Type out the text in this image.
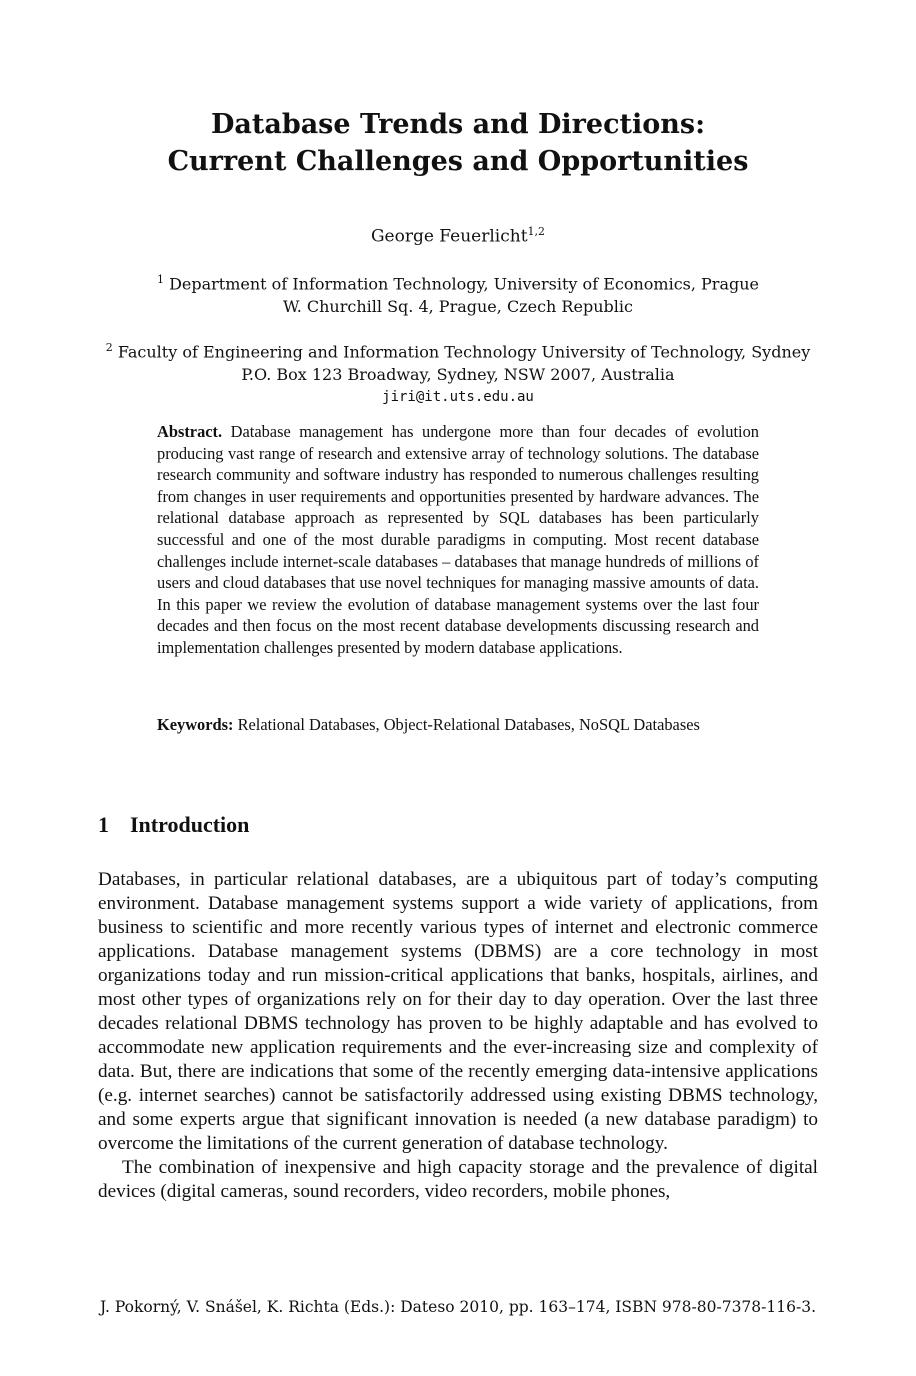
Database Trends and Directions:
Current Challenges and Opportunities
George Feuerlicht$^{1,2}$
$^1$ Department of Information Technology, University of Economics, Prague
W. Churchill Sq. 4, Prague, Czech Republic
$^2$ Faculty of Engineering and Information Technology University of Technology, Sydney
P.O. Box 123 Broadway, Sydney, NSW 2007, Australia
jiri@it.uts.edu.au
Abstract. Database management has undergone more than four decades of evolution producing vast range of research and extensive array of technology solutions. The database research community and software industry has responded to numerous challenges resulting from changes in user requirements and opportunities presented by hardware advances. The relational database approach as represented by SQL databases has been particularly successful and one of the most durable paradigms in computing. Most recent database challenges include internet-scale databases – databases that manage hundreds of millions of users and cloud databases that use novel techniques for managing massive amounts of data. In this paper we review the evolution of database management systems over the last four decades and then focus on the most recent database developments discussing research and implementation challenges presented by modern database applications.
Keywords: Relational Databases, Object-Relational Databases, NoSQL Databases
1 Introduction

Databases, in particular relational databases, are a ubiquitous part of today’s computing environment. Database management systems support a wide variety of applications, from business to scientific and more recently various types of internet and electronic commerce applications. Database management systems (DBMS) are a core technology in most organizations today and run mission-critical applications that banks, hospitals, airlines, and most other types of organizations rely on for their day to day operation. Over the last three decades relational DBMS technology has proven to be highly adaptable and has evolved to accommodate new application requirements and the ever-increasing size and complexity of data. But, there are indications that some of the recently emerging data-intensive applications (e.g. internet searches) cannot be satisfactorily addressed using existing DBMS technology, and some experts argue that significant innovation is needed (a new database paradigm) to overcome the limitations of the current generation of database technology.

The combination of inexpensive and high capacity storage and the prevalence of digital devices (digital cameras, sound recorders, video recorders, mobile phones,

J. Pokorný, V. Snášel, K. Richta (Eds.): Dateso 2010, pp. 163–174, ISBN 978-80-7378-116-3.
